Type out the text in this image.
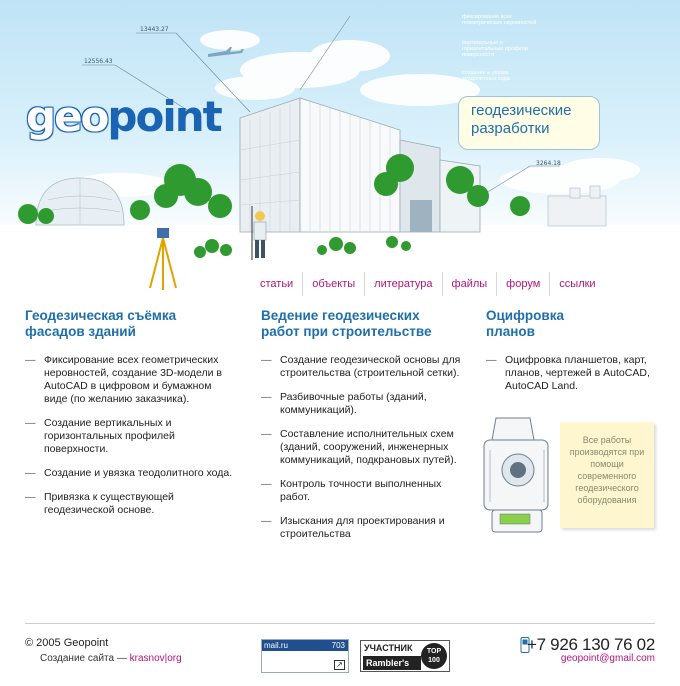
geopoint	геодезические разработки
13443.27
12556.43
3264.18
фиксирование всех геометрических неровностей
вертикальные и горизонтальные профили поверхности
создание и увязка теодолитного хода
статьи	объекты	литература	файлы	форум	ссылки
Геодезическая съёмка фасадов зданий
— Фиксирование всех геометрических неровностей, создание 3D-модели в AutoCAD в цифровом и бумажном виде (по желанию заказчика).
— Создание вертикальных и горизонтальных профилей поверхности.
— Создание и увязка теодолитного хода.
— Привязка к существующей геодезической основе.
Ведение геодезических работ при строительстве
— Создание геодезической основы для строительства (строительной сетки).
— Разбивочные работы (зданий, коммуникаций).
— Составление исполнительных схем (зданий, сооружений, инженерных коммуникаций, подкрановых путей).
— Контроль точности выполненных работ.
— Изыскания для проектирования и строительства
Оцифровка планов
— Оцифровка планшетов, карт, планов, чертежей в AutoCAD, AutoCAD Land.
Все работы производятся при помощи современного геодезического оборудования
© 2005 Geopoint
Создание сайта — krasnov|org
mail.ru	703
↗
УЧАСТНИК
Rambler's
TOP 100
+7 926 130 76 02
geopoint@gmail.com
